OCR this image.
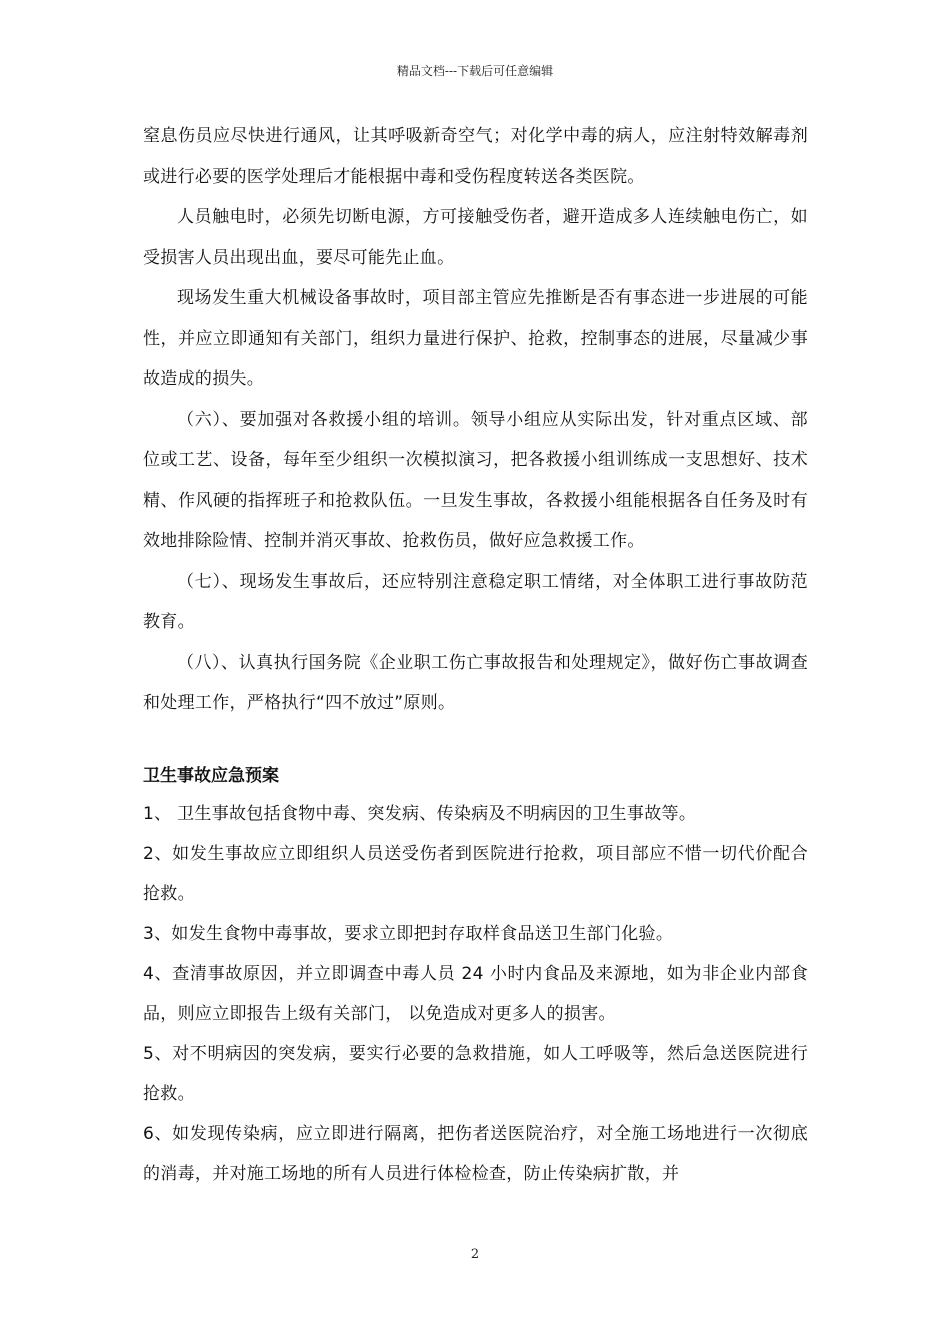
精品文档---下载后可任意编辑

窒息伤员应尽快进行通风，让其呼吸新奇空气；对化学中毒的病人，应注射特效解毒剂或进行必要的医学处理后才能根据中毒和受伤程度转送各类医院。

人员触电时，必须先切断电源，方可接触受伤者，避开造成多人连续触电伤亡，如受损害人员出现出血，要尽可能先止血。

现场发生重大机械设备事故时，项目部主管应先推断是否有事态进一步进展的可能性，并应立即通知有关部门，组织力量进行保护、抢救，控制事态的进展，尽量减少事故造成的损失。

（六）、要加强对各救援小组的培训。领导小组应从实际出发，针对重点区域、部位或工艺、设备，每年至少组织一次模拟演习，把各救援小组训练成一支思想好、技术精、作风硬的指挥班子和抢救队伍。一旦发生事故，各救援小组能根据各自任务及时有效地排除险情、控制并消灭事故、抢救伤员，做好应急救援工作。

（七）、现场发生事故后，还应特别注意稳定职工情绪，对全体职工进行事故防范教育。

（八）、认真执行国务院《企业职工伤亡事故报告和处理规定》，做好伤亡事故调查和处理工作，严格执行“四不放过”原则。

卫生事故应急预案

1、 卫生事故包括食物中毒、突发病、传染病及不明病因的卫生事故等。

2、如发生事故应立即组织人员送受伤者到医院进行抢救，项目部应不惜一切代价配合抢救。

3、如发生食物中毒事故，要求立即把封存取样食品送卫生部门化验。

4、查清事故原因，并立即调查中毒人员 24 小时内食品及来源地，如为非企业内部食品，则应立即报告上级有关部门， 以免造成对更多人的损害。

5、对不明病因的突发病，要实行必要的急救措施，如人工呼吸等，然后急送医院进行抢救。

6、如发现传染病，应立即进行隔离，把伤者送医院治疗，对全施工场地进行一次彻底的消毒，并对施工场地的所有人员进行体检检查，防止传染病扩散，并

2
